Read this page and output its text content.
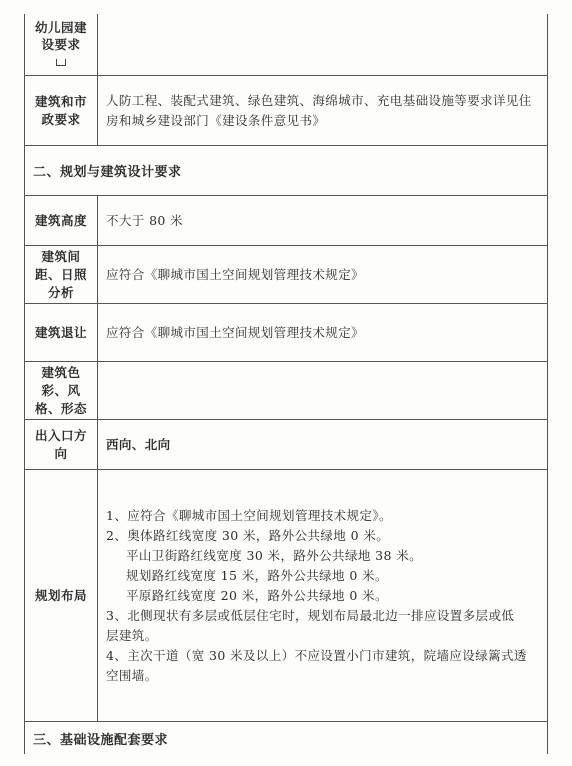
幼儿园建设要求

建筑和市政要求
人防工程、装配式建筑、绿色建筑、海绵城市、充电基础设施等要求详见住房和城乡建设部门《建设条件意见书》
二、规划与建筑设计要求
建筑高度	不大于 80 米
建筑间距、日照分析
应符合《聊城市国土空间规划管理技术规定》
建筑退让	应符合《聊城市国土空间规划管理技术规定》
建筑色彩、风格、形态
出入口方向
西向、北向
规划布局
1、应符合《聊城市国土空间规划管理技术规定》。
2、奥体路红线宽度 30 米，路外公共绿地 0 米。
平山卫街路红线宽度 30 米，路外公共绿地 38 米。
规划路红线宽度 15 米，路外公共绿地 0 米。
平原路红线宽度 20 米，路外公共绿地 0 米。
3、北侧现状有多层或低层住宅时，规划布局最北边一排应设置多层或低
层建筑。
4、主次干道（宽 30 米及以上）不应设置小门市建筑，院墙应设绿篱式透
空围墙。
三、基础设施配套要求
